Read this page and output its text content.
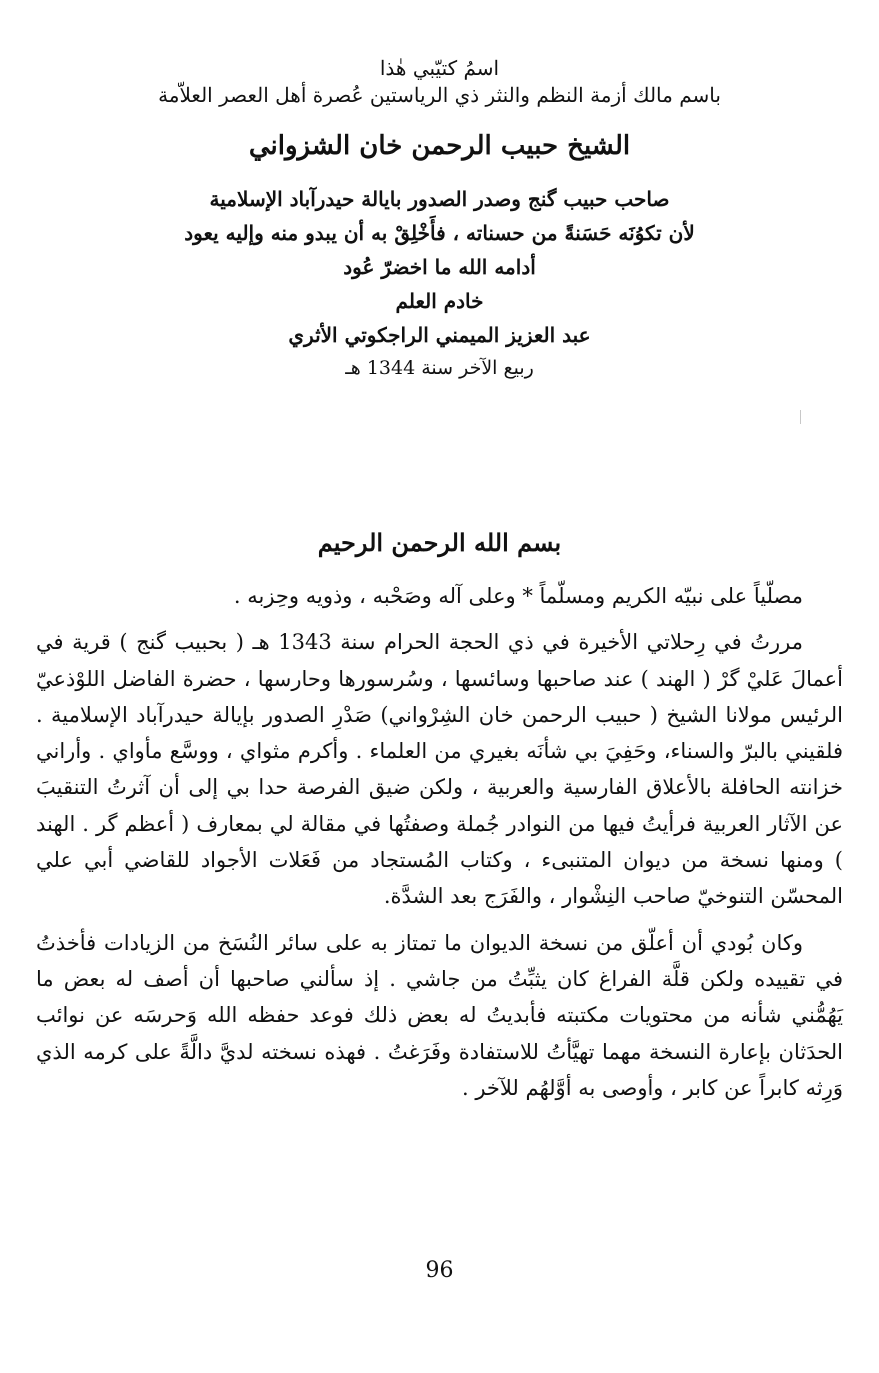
اسمُ كتيّبي هٰذا

باسم مالك أزمة النظم والنثر ذي الرياستين عُصرة أهل العصر العلاّمة

الشيخ حبيب الرحمن خان الشزواني

صاحب حبيب گنج وصدر الصدور بايالة حيدرآباد الإسلامية

لأن تكوُنَه حَسَنةً من حسناته ، فأَخْلِقْ به أن يبدو منه وإليه يعود

أدامه الله ما اخضرّ عُود

خادم العلم

عبد العزيز الميمني الراجكوتي الأثري

ربيع الآخر سنة 1344 هـ

بسم الله الرحمن الرحيم

مصلّياً على نبيّه الكريم ومسلّماً * وعلى آله وصَحْبه ، وذويه وحِزبه .

مررتُ في رِحلاتي الأخيرة في ذي الحجة الحرام سنة 1343 هـ ( بحبيب گنج ) قرية في أعمالَ عَليْ گرْ ( الهند ) عند صاحبها وسائسها ، وسُرسورها وحارسها ، حضرة الفاضل اللوْذعيّ الرئيس مولانا الشيخ ( حبيب الرحمن خان الشِرْواني) صَدْرِ الصدور بإيالة حيدرآباد الإسلامية . فلقيني بالبرّ والسناء، وحَفِيَ بي شأنَه بغيري من العلماء . وأكرم مثواي ، ووسَّع مأواي . وأراني خزانته الحافلة بالأعلاق الفارسية والعربية ، ولكن ضيق الفرصة حدا بي إلى أن آثرتُ التنقيبَ عن الآثار العربية فرأيتُ فيها من النوادر جُملة وصفتُها في مقالة لي بمعارف ( أعظم گر . الهند ) ومنها نسخة من ديوان المتنبىء ، وكتاب المُستجاد من فَعَلات الأجواد للقاضي أبي علي المحسّن التنوخيّ صاحب النِشْوار ، والفَرَج بعد الشدَّة.

وكان بُودي أن أعلّق من نسخة الديوان ما تمتاز به على سائر النُسَخ من الزيادات فأخذتُ في تقييده ولكن قلَّة الفراغ كان يثبِّتُ من جاشي . إذ سألني صاحبها أن أصف له بعض ما يَهُمُّني شأنه من محتويات مكتبته فأبديتُ له بعض ذلك فوعد حفظه الله وَحرسَه عن نوائب الحدَثان بإعارة النسخة مهما تهيَّأتُ للاستفادة وفَرَغتُ . فهذه نسخته لديَّ دالَّةً على كرمه الذي وَرِثه كابراً عن كابر ، وأوصى به أوَّلهُم للآخر .

96
